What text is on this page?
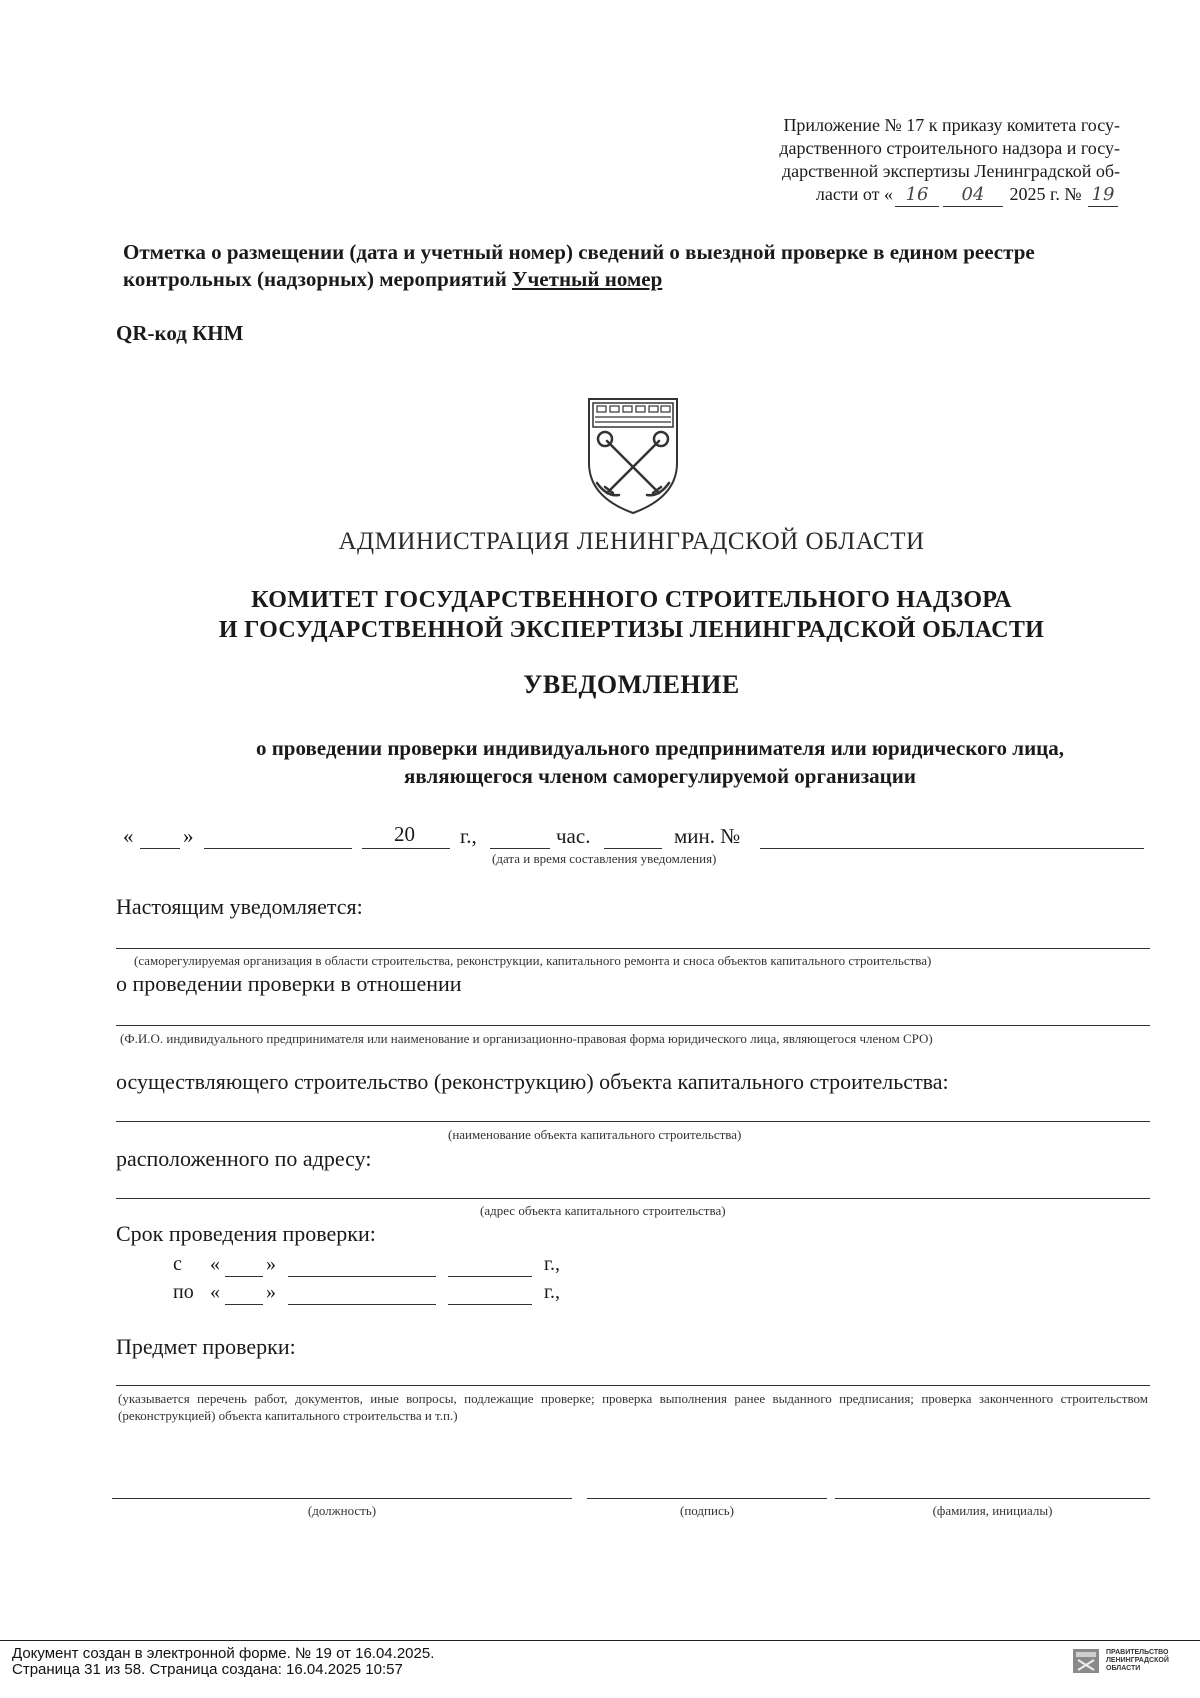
Приложение № 17 к приказу комитета госу-
дарственного строительного надзора и госу-
дарственной экспертизы Ленинградской об-
ласти от « 16 04 2025 г. № 19
Отметка о размещении (дата и учетный номер) сведений о выездной проверке в едином реестре контрольных (надзорных) мероприятий Учетный номер
QR-код КНМ
АДМИНИСТРАЦИЯ ЛЕНИНГРАДСКОЙ ОБЛАСТИ
КОМИТЕТ ГОСУДАРСТВЕННОГО СТРОИТЕЛЬНОГО НАДЗОРА
И ГОСУДАРСТВЕННОЙ ЭКСПЕРТИЗЫ ЛЕНИНГРАДСКОЙ ОБЛАСТИ
УВЕДОМЛЕНИЕ
о проведении проверки индивидуального предпринимателя или юридического лица,
являющегося членом саморегулируемой организации
« »	20 г.,	час.	мин. №
(дата и время составления уведомления)
Настоящим уведомляется:
(саморегулируемая организация в области строительства, реконструкции, капитального ремонта и сноса объектов капитального строительства)
о проведении проверки в отношении
(Ф.И.О. индивидуального предпринимателя или наименование и организационно-правовая форма юридического лица, являющегося членом СРО)
осуществляющего строительство (реконструкцию) объекта капитального строительства:
(наименование объекта капитального строительства)
расположенного по адресу:
(адрес объекта капитального строительства)
Срок проведения проверки:
с « »	г.,
по « »	г.,
Предмет проверки:
(указывается перечень работ, документов, иные вопросы, подлежащие проверке; проверка выполнения ранее выданного предписания; проверка законченного строительством (реконструкцией) объекта капитального строительства и т.п.)
(должность)	(подпись)	(фамилия, инициалы)
Документ создан в электронной форме. № 19 от 16.04.2025.
Страница 31 из 58. Страница создана: 16.04.2025 10:57
ПРАВИТЕЛЬСТВО
ЛЕНИНГРАДСКОЙ
ОБЛАСТИ
